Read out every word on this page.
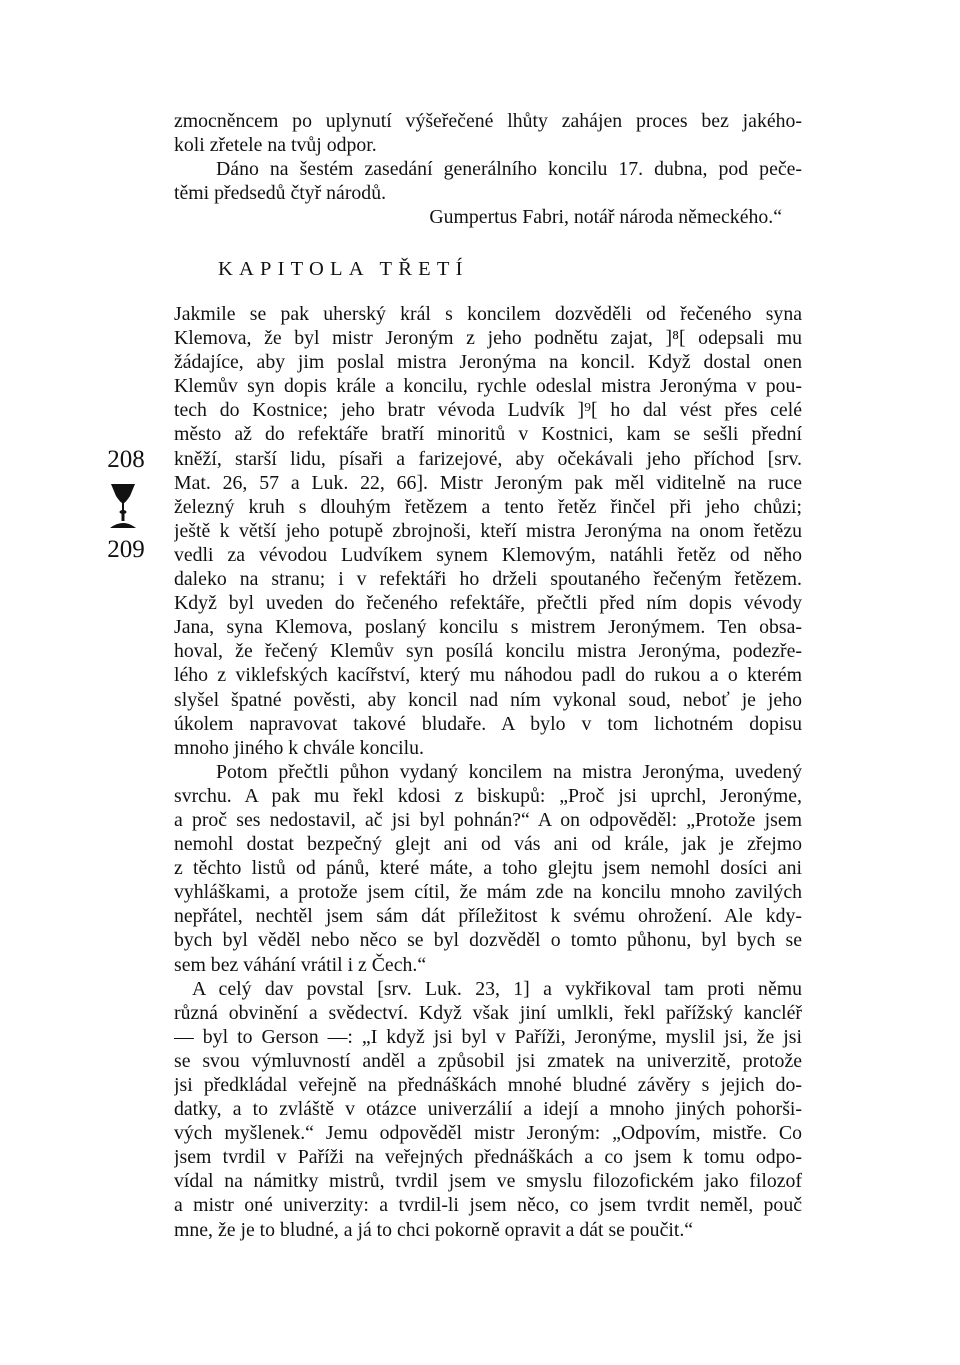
zmocněncem po uplynutí výšeřečené lhůty zahájen proces bez jakého-
koli zřetele na tvůj odpor.
Dáno na šestém zasedání generálního koncilu 17. dubna, pod peče-
těmi předsedů čtyř národů.
Gumpertus Fabri, notář národa německého.“
KAPITOLA TŘETÍ
208
209
Jakmile se pak uherský král s koncilem dozvěděli od řečeného syna
Klemova, že byl mistr Jeroným z jeho podnětu zajat, ]⁸[ odepsali mu
žádajíce, aby jim poslal mistra Jeronýma na koncil. Když dostal onen
Klemův syn dopis krále a koncilu, rychle odeslal mistra Jeronýma v pou-
tech do Kostnice; jeho bratr vévoda Ludvík ]⁹[ ho dal vést přes celé
město až do refektáře bratří minoritů v Kostnici, kam se sešli přední
kněží, starší lidu, písaři a farizejové, aby očekávali jeho příchod [srv.
Mat. 26, 57 a Luk. 22, 66]. Mistr Jeroným pak měl viditelně na ruce
železný kruh s dlouhým řetězem a tento řetěz řinčel při jeho chůzi;
ještě k větší jeho potupě zbrojnoši, kteří mistra Jeronýma na onom řetězu
vedli za vévodou Ludvíkem synem Klemovým, natáhli řetěz od něho
daleko na stranu; i v refektáři ho drželi spoutaného řečeným řetězem.
Když byl uveden do řečeného refektáře, přečtli před ním dopis vévody
Jana, syna Klemova, poslaný koncilu s mistrem Jeronýmem. Ten obsa-
hoval, že řečený Klemův syn posílá koncilu mistra Jeronýma, podezře-
lého z viklefských kacířství, který mu náhodou padl do rukou a o kterém
slyšel špatné pověsti, aby koncil nad ním vykonal soud, neboť je jeho
úkolem napravovat takové bludaře. A bylo v tom lichotném dopisu
mnoho jiného k chvále koncilu.
Potom přečtli půhon vydaný koncilem na mistra Jeronýma, uvedený
svrchu. A pak mu řekl kdosi z biskupů: „Proč jsi uprchl, Jeronýme,
a proč ses nedostavil, ač jsi byl pohnán?“ A on odpověděl: „Protože jsem
nemohl dostat bezpečný glejt ani od vás ani od krále, jak je zřejmo
z těchto listů od pánů, které máte, a toho glejtu jsem nemohl dosíci ani
vyhláškami, a protože jsem cítil, že mám zde na koncilu mnoho zavilých
nepřátel, nechtěl jsem sám dát příležitost k svému ohrožení. Ale kdy-
bych byl věděl nebo něco se byl dozvěděl o tomto půhonu, byl bych se
sem bez váhání vrátil i z Čech.“
A celý dav povstal [srv. Luk. 23, 1] a vykřikoval tam proti němu
různá obvinění a svědectví. Když však jiní umlkli, řekl pařížský kancléř
— byl to Gerson —: „I když jsi byl v Paříži, Jeronýme, myslil jsi, že jsi
se svou výmluvností anděl a způsobil jsi zmatek na univerzitě, protože
jsi předkládal veřejně na přednáškách mnohé bludné závěry s jejich do-
datky, a to zvláště v otázce univerzálií a idejí a mnoho jiných pohorši-
vých myšlenek.“ Jemu odpověděl mistr Jeroným: „Odpovím, mistře. Co
jsem tvrdil v Paříži na veřejných přednáškách a co jsem k tomu odpo-
vídal na námitky mistrů, tvrdil jsem ve smyslu filozofickém jako filozof
a mistr oné univerzity: a tvrdil-li jsem něco, co jsem tvrdit neměl, pouč
mne, že je to bludné, a já to chci pokorně opravit a dát se poučit.“
